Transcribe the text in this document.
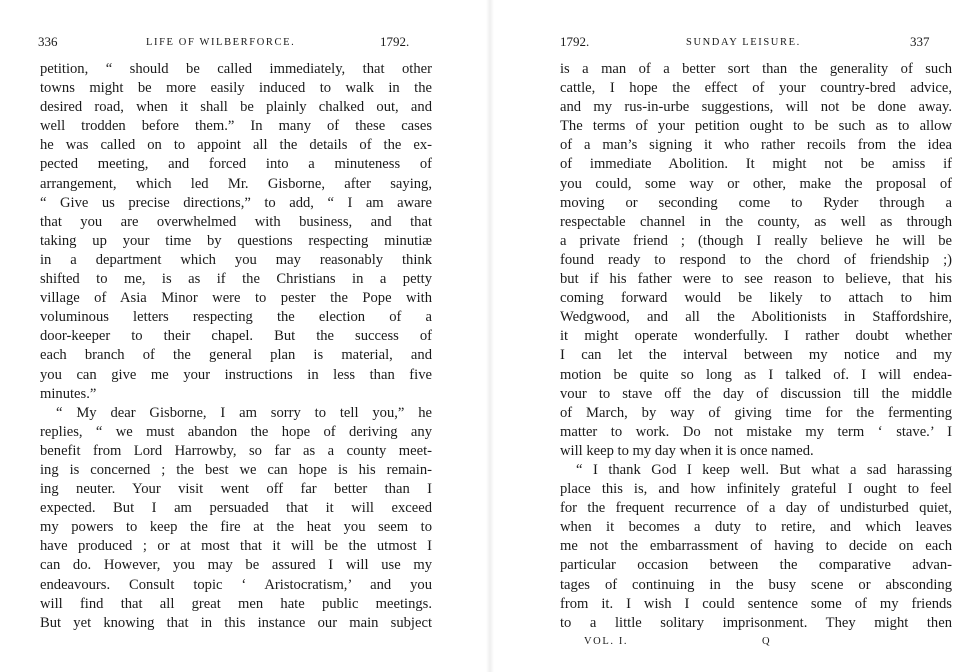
336	LIFE OF WILBERFORCE.	1792.
petition, “ should be called immediately, that other
towns might be more easily induced to walk in the
desired road, when it shall be plainly chalked out, and
well trodden before them.” In many of these cases
he was called on to appoint all the details of the ex-
pected meeting, and forced into a minuteness of
arrangement, which led Mr. Gisborne, after saying,
“ Give us precise directions,” to add, “ I am aware
that you are overwhelmed with business, and that
taking up your time by questions respecting minutiæ
in a department which you may reasonably think
shifted to me, is as if the Christians in a petty
village of Asia Minor were to pester the Pope with
voluminous letters respecting the election of a
door-keeper to their chapel. But the success of
each branch of the general plan is material, and
you can give me your instructions in less than five
minutes.”
“ My dear Gisborne, I am sorry to tell you,” he
replies, “ we must abandon the hope of deriving any
benefit from Lord Harrowby, so far as a county meet-
ing is concerned ; the best we can hope is his remain-
ing neuter. Your visit went off far better than I
expected. But I am persuaded that it will exceed
my powers to keep the fire at the heat you seem to
have produced ; or at most that it will be the utmost I
can do. However, you may be assured I will use my
endeavours. Consult topic ‘ Aristocratism,’ and you
will find that all great men hate public meetings.
But yet knowing that in this instance our main subject
1792.	SUNDAY LEISURE.	337
is a man of a better sort than the generality of such
cattle, I hope the effect of your country-bred advice,
and my rus-in-urbe suggestions, will not be done away.
The terms of your petition ought to be such as to allow
of a man’s signing it who rather recoils from the idea
of immediate Abolition. It might not be amiss if
you could, some way or other, make the proposal of
moving or seconding come to Ryder through a
respectable channel in the county, as well as through
a private friend ; (though I really believe he will be
found ready to respond to the chord of friendship ;)
but if his father were to see reason to believe, that his
coming forward would be likely to attach to him
Wedgwood, and all the Abolitionists in Staffordshire,
it might operate wonderfully. I rather doubt whether
I can let the interval between my notice and my
motion be quite so long as I talked of. I will endea-
vour to stave off the day of discussion till the middle
of March, by way of giving time for the fermenting
matter to work. Do not mistake my term ‘ stave.’ I
will keep to my day when it is once named.
“ I thank God I keep well. But what a sad harassing
place this is, and how infinitely grateful I ought to feel
for the frequent recurrence of a day of undisturbed quiet,
when it becomes a duty to retire, and which leaves
me not the embarrassment of having to decide on each
particular occasion between the comparative advan-
tages of continuing in the busy scene or absconding
from it. I wish I could sentence some of my friends
to a little solitary imprisonment. They might then
VOL. I.	Q
